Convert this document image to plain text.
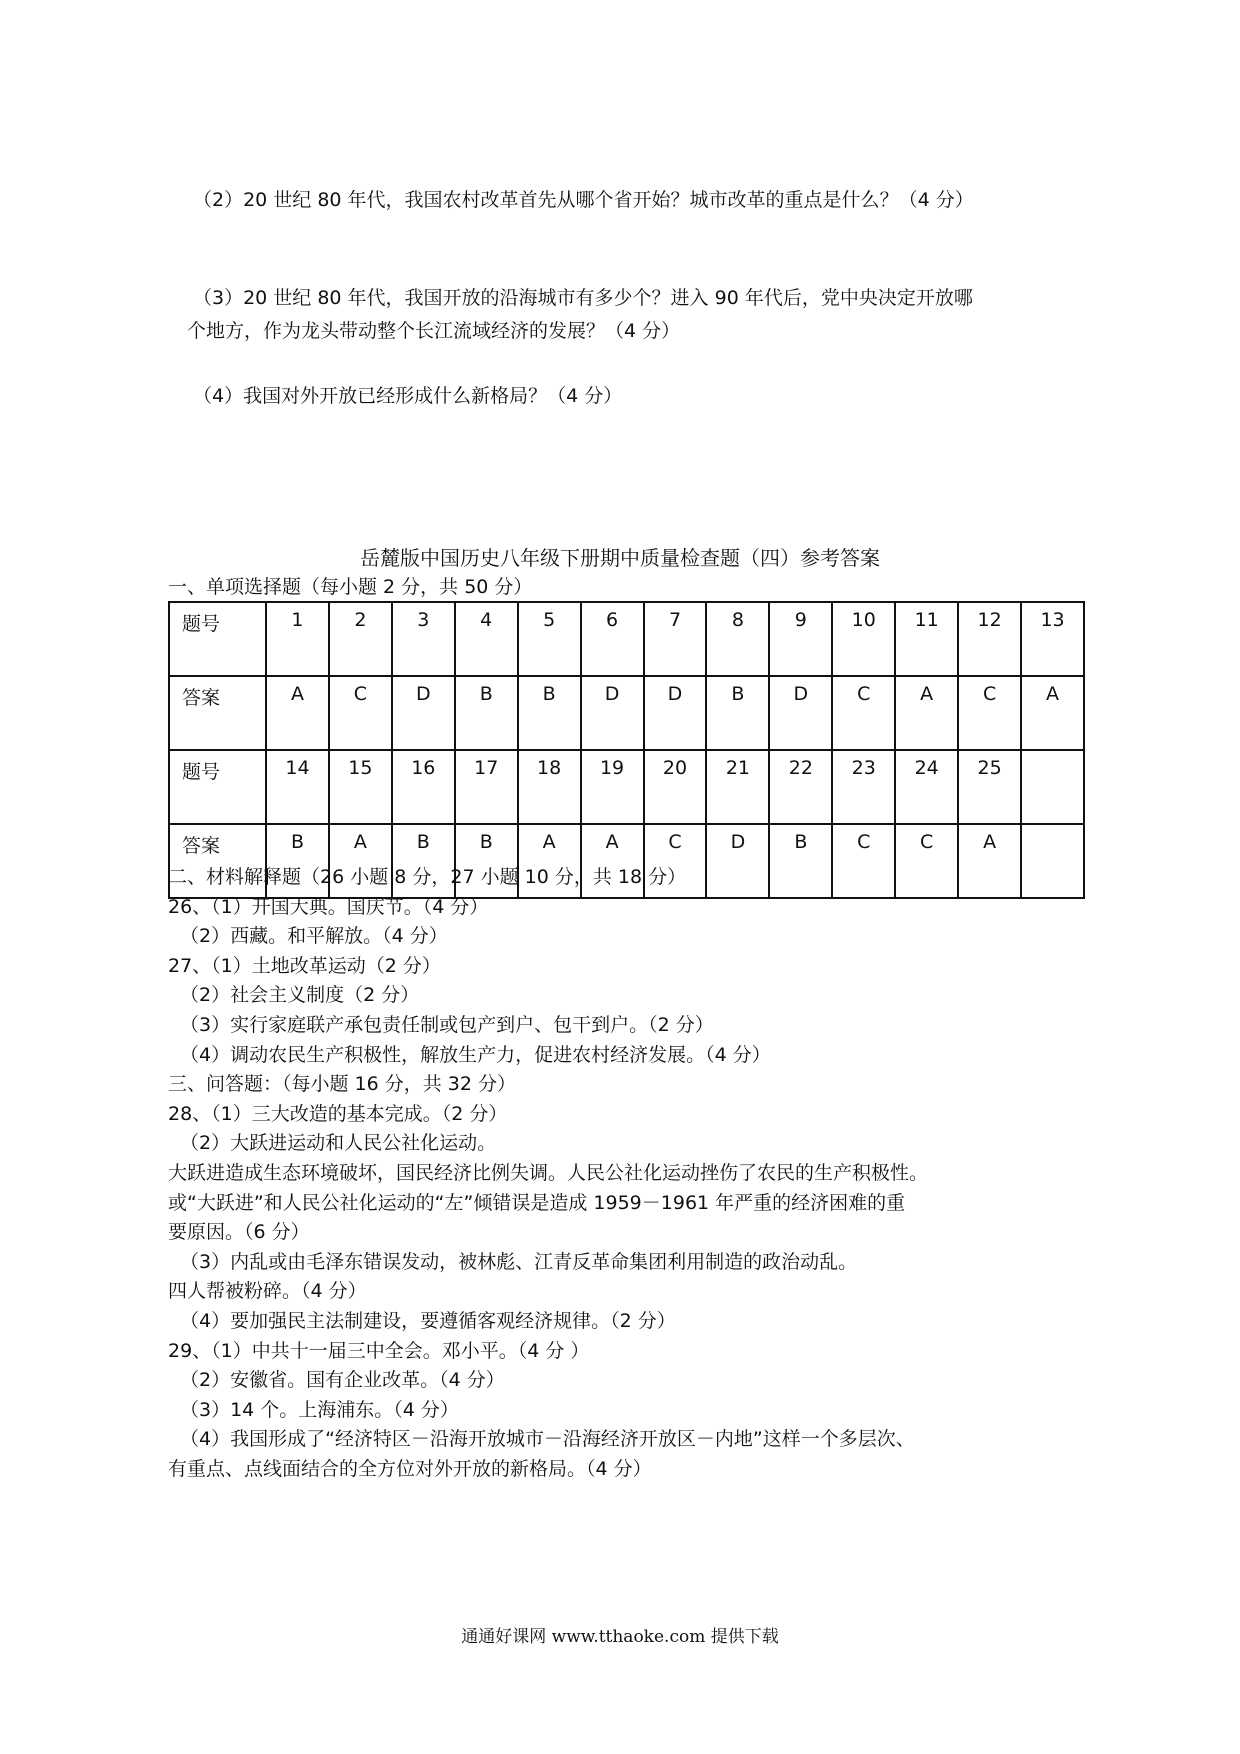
（2）20 世纪 80 年代，我国农村改革首先从哪个省开始？城市改革的重点是什么？（4 分）
（3）20 世纪 80 年代，我国开放的沿海城市有多少个？进入 90 年代后，党中央决定开放哪
个地方，作为龙头带动整个长江流域经济的发展？（4 分）
（4）我国对外开放已经形成什么新格局？（4 分）
岳麓版中国历史八年级下册期中质量检查题（四）参考答案
一、单项选择题（每小题 2 分，共 50 分）
题号	1	2	3	4	5	6	7	8	9	10	11	12	13
答案	A	C	D	B	B	D	D	B	D	C	A	C	A
题号	14	15	16	17	18	19	20	21	22	23	24	25	
答案	B	A	B	B	A	A	C	D	B	C	C	A	
二、材料解释题（26 小题 8 分，27 小题 10 分，共 18 分）
26、（1）开国大典。国庆节。（4 分）
（2）西藏。和平解放。（4 分）
27、（1）土地改革运动（2 分）
（2）社会主义制度（2 分）
（3）实行家庭联产承包责任制或包产到户、包干到户。（2 分）
（4）调动农民生产积极性，解放生产力，促进农村经济发展。（4 分）
三、问答题：（每小题 16 分，共 32 分）
28、（1）三大改造的基本完成。（2 分）
（2）大跃进运动和人民公社化运动。
大跃进造成生态环境破坏，国民经济比例失调。人民公社化运动挫伤了农民的生产积极性。
或“大跃进”和人民公社化运动的“左”倾错误是造成 1959－1961 年严重的经济困难的重
要原因。（6 分）
（3）内乱或由毛泽东错误发动，被林彪、江青反革命集团利用制造的政治动乱。
四人帮被粉碎。（4 分）
（4）要加强民主法制建设，要遵循客观经济规律。（2 分）
29、（1）中共十一届三中全会。邓小平。（4 分 ）
（2）安徽省。国有企业改革。（4 分）
（3）14 个。上海浦东。（4 分）
（4）我国形成了“经济特区－沿海开放城市－沿海经济开放区－内地”这样一个多层次、
有重点、点线面结合的全方位对外开放的新格局。（4 分）
通通好课网 www.tthaoke.com 提供下载
